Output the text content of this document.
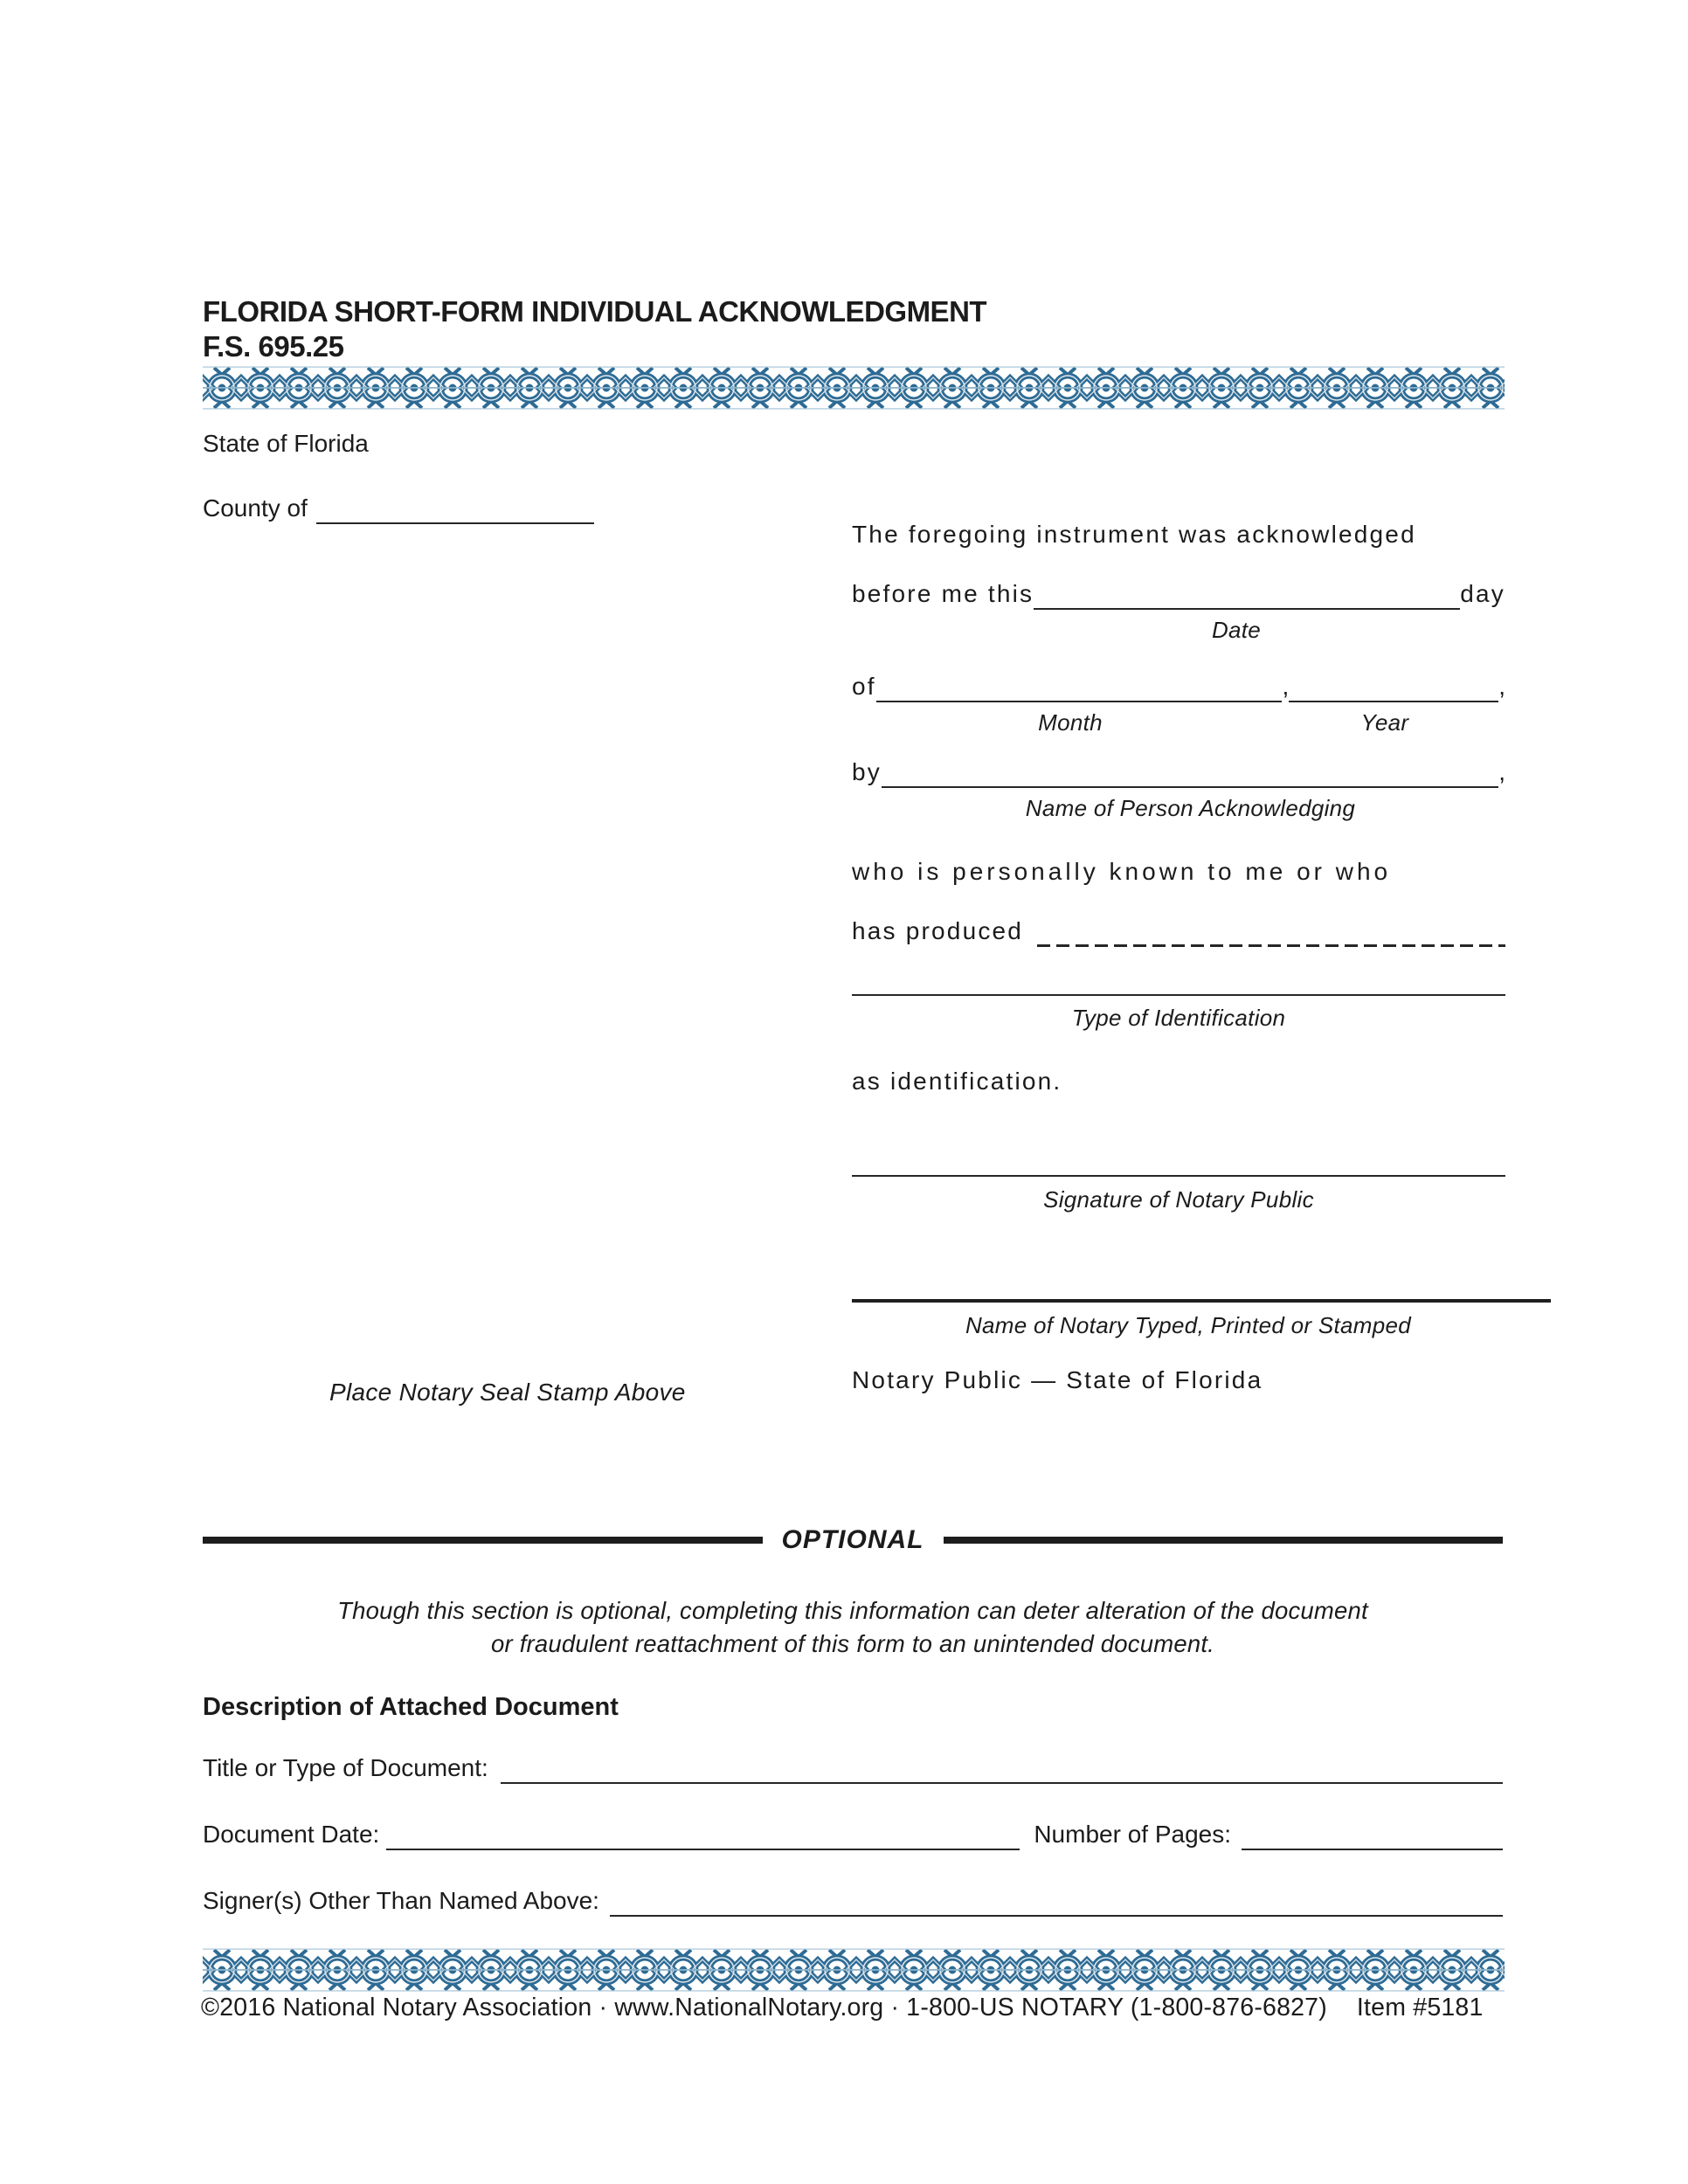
FLORIDA SHORT-FORM INDIVIDUAL ACKNOWLEDGMENT
F.S. 695.25
State of Florida
County of
The foregoing instrument was acknowledged
before me this	day
Date
of	,	,
Month	Year
by	,
Name of Person Acknowledging
who is personally known to me or who
has produced
Type of Identification
as identification.
Signature of Notary Public
Name of Notary Typed, Printed or Stamped
Notary Public — State of Florida
Place Notary Seal Stamp Above
OPTIONAL
Though this section is optional, completing this information can deter alteration of the document
or fraudulent reattachment of this form to an unintended document.
Description of Attached Document
Title or Type of Document:
Document Date:	Number of Pages:
Signer(s) Other Than Named Above:
©2016 National Notary Association · www.NationalNotary.org · 1-800-US NOTARY (1-800-876-6827) Item #5181
